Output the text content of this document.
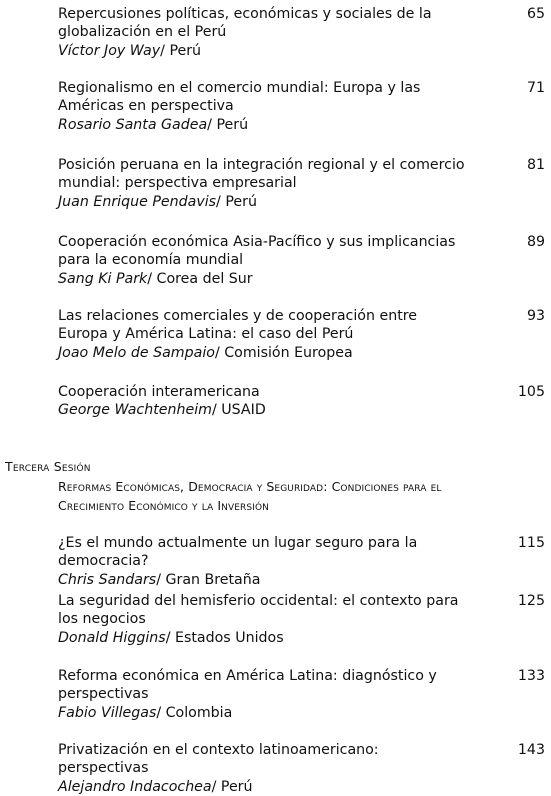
Repercusiones políticas, económicas y sociales de la globalización en el Perú
Víctor Joy Way/ Perú
65
Regionalismo en el comercio mundial: Europa y las Américas en perspectiva
Rosario Santa Gadea/ Perú
71
Posición peruana en la integración regional y el comercio mundial: perspectiva empresarial
Juan Enrique Pendavis/ Perú
81
Cooperación económica Asia-Pacífico y sus implicancias para la economía mundial
Sang Ki Park/ Corea del Sur
89
Las relaciones comerciales y de cooperación entre Europa y América Latina: el caso del Perú
Joao Melo de Sampaio/ Comisión Europea
93
Cooperación interamericana
George Wachtenheim/ USAID
105
Tercera Sesión
Reformas Económicas, Democracia y Seguridad: Condiciones para el Crecimiento Económico y la Inversión
¿Es el mundo actualmente un lugar seguro para la democracia?
Chris Sandars/ Gran Bretaña
115
La seguridad del hemisferio occidental: el contexto para los negocios
Donald Higgins/ Estados Unidos
125
Reforma económica en América Latina: diagnóstico y perspectivas
Fabio Villegas/ Colombia
133
Privatización en el contexto latinoamericano: perspectivas
Alejandro Indacochea/ Perú
143
